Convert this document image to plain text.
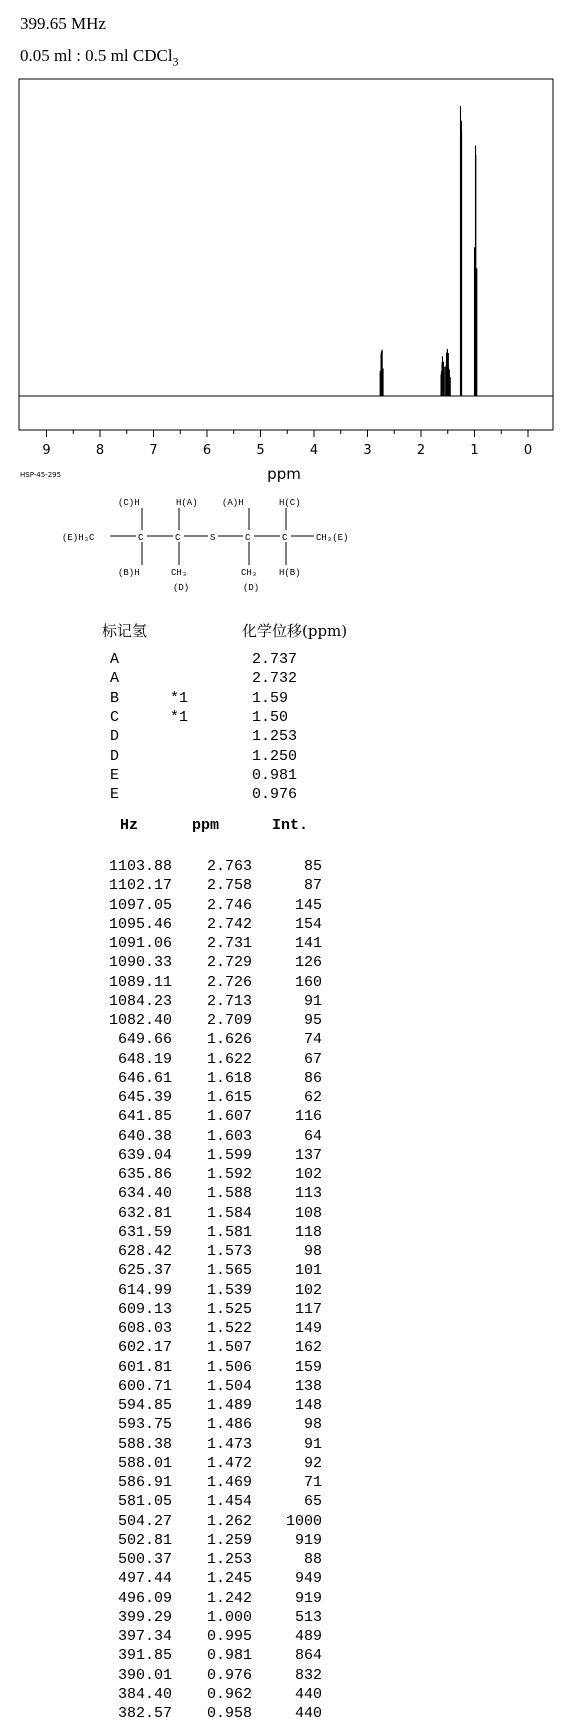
399.65 MHz
0.05 ml : 0.5 ml CDCl$_3$
9	8	7	6	5	4	3	2	1	0
ppm
HSP-45-295
(C)H	H(A)	(A)H	H(C)
(E)H₃C	C	C	S	C	C	CH₃(E)
(B)H	CH₃	CH₃ H(B)
(D)	(D)
标记氢	化学位移(ppm)
A	2.737
A	2.732
B	*1	1.59
C	*1	1.50
D	1.253
D	1.250
E	0.981
E	0.976
Hz	ppm	Int.
1103.88	2.763	85
1102.17	2.758	87
1097.05	2.746	145
1095.46	2.742	154
1091.06	2.731	141
1090.33	2.729	126
1089.11	2.726	160
1084.23	2.713	91
1082.40	2.709	95
649.66	1.626	74
648.19	1.622	67
646.61	1.618	86
645.39	1.615	62
641.85	1.607	116
640.38	1.603	64
639.04	1.599	137
635.86	1.592	102
634.40	1.588	113
632.81	1.584	108
631.59	1.581	118
628.42	1.573	98
625.37	1.565	101
614.99	1.539	102
609.13	1.525	117
608.03	1.522	149
602.17	1.507	162
601.81	1.506	159
600.71	1.504	138
594.85	1.489	148
593.75	1.486	98
588.38	1.473	91
588.01	1.472	92
586.91	1.469	71
581.05	1.454	65
504.27	1.262	1000
502.81	1.259	919
500.37	1.253	88
497.44	1.245	949
496.09	1.242	919
399.29	1.000	513
397.34	0.995	489
391.85	0.981	864
390.01	0.976	832
384.40	0.962	440
382.57	0.958	440
